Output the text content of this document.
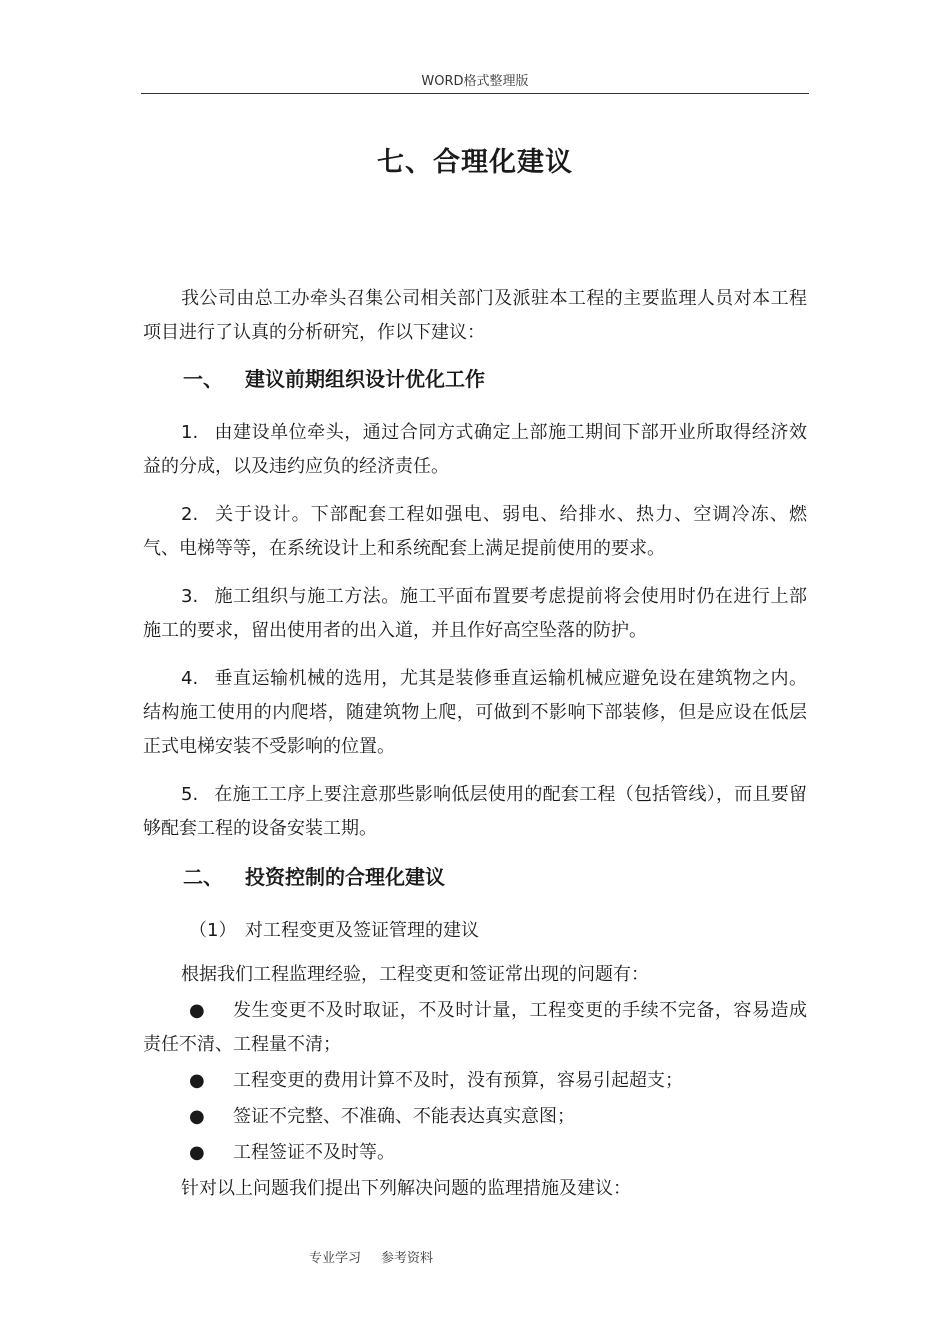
WORD格式整理版
七、合理化建议

我公司由总工办牵头召集公司相关部门及派驻本工程的主要监理人员对本工程项目进行了认真的分析研究，作以下建议：

一、 建议前期组织设计优化工作

1. 由建设单位牵头，通过合同方式确定上部施工期间下部开业所取得经济效益的分成，以及违约应负的经济责任。

2. 关于设计。下部配套工程如强电、弱电、给排水、热力、空调冷冻、燃气、电梯等等，在系统设计上和系统配套上满足提前使用的要求。

3. 施工组织与施工方法。施工平面布置要考虑提前将会使用时仍在进行上部施工的要求，留出使用者的出入道，并且作好高空坠落的防护。

4. 垂直运输机械的选用，尤其是装修垂直运输机械应避免设在建筑物之内。结构施工使用的内爬塔，随建筑物上爬，可做到不影响下部装修，但是应设在低层正式电梯安装不受影响的位置。

5. 在施工工序上要注意那些影响低层使用的配套工程（包括管线），而且要留够配套工程的设备安装工期。

二、 投资控制的合理化建议
（1） 对工程变更及签证管理的建议

根据我们工程监理经验，工程变更和签证常出现的问题有：

● 发生变更不及时取证，不及时计量，工程变更的手续不完备，容易造成责任不清、工程量不清；

● 工程变更的费用计算不及时，没有预算，容易引起超支；

● 签证不完整、不准确、不能表达真实意图；

● 工程签证不及时等。

针对以上问题我们提出下列解决问题的监理措施及建议：

专业学习 参考资料
